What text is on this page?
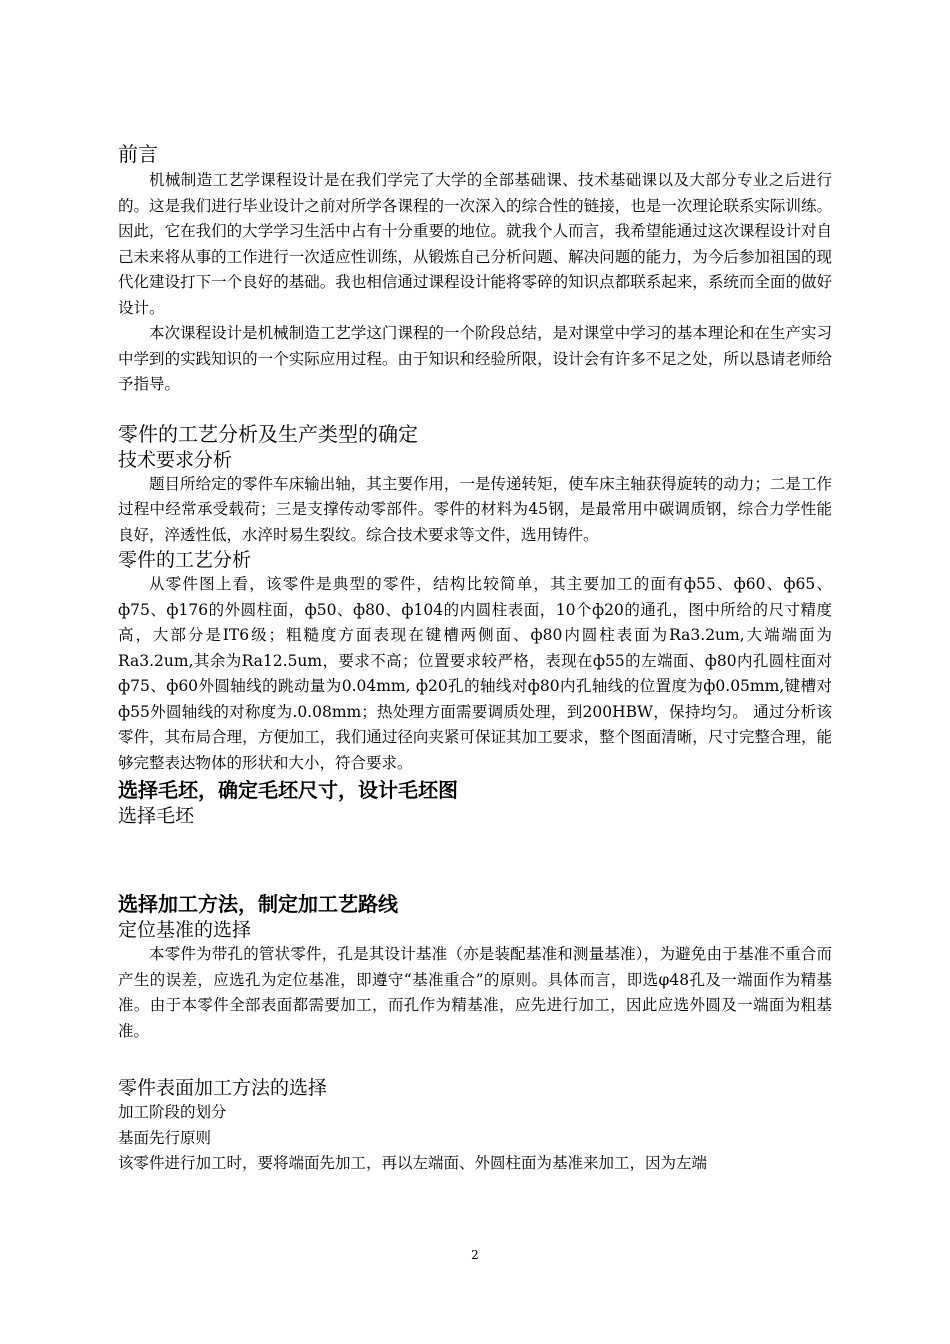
前言

机械制造工艺学课程设计是在我们学完了大学的全部基础课、技术基础课以及大部分专业之后进行的。这是我们进行毕业设计之前对所学各课程的一次深入的综合性的链接，也是一次理论联系实际训练。因此，它在我们的大学学习生活中占有十分重要的地位。就我个人而言，我希望能通过这次课程设计对自己未来将从事的工作进行一次适应性训练，从锻炼自己分析问题、解决问题的能力，为今后参加祖国的现代化建设打下一个良好的基础。我也相信通过课程设计能将零碎的知识点都联系起来，系统而全面的做好设计。

本次课程设计是机械制造工艺学这门课程的一个阶段总结，是对课堂中学习的基本理论和在生产实习中学到的实践知识的一个实际应用过程。由于知识和经验所限，设计会有许多不足之处，所以恳请老师给予指导。

零件的工艺分析及生产类型的确定
技术要求分析

题目所给定的零件车床输出轴，其主要作用，一是传递转矩，使车床主轴获得旋转的动力；二是工作过程中经常承受载荷；三是支撑传动零部件。零件的材料为45钢，是最常用中碳调质钢，综合力学性能良好，淬透性低，水淬时易生裂纹。综合技术要求等文件，选用铸件。

零件的工艺分析

从零件图上看，该零件是典型的零件，结构比较简单，其主要加工的面有ф55、ф60、ф65、ф75、ф176的外圆柱面，ф50、ф80、ф104的内圆柱表面，10个ф20的通孔，图中所给的尺寸精度高，大部分是IT6级；粗糙度方面表现在键槽两侧面、ф80内圆柱表面为Ra3.2um,大端端面为Ra3.2um,其余为Ra12.5um，要求不高；位置要求较严格，表现在ф55的左端面、ф80内孔圆柱面对ф75、ф60外圆轴线的跳动量为0.04mm, ф20孔的轴线对ф80内孔轴线的位置度为ф0.05mm,键槽对ф55外圆轴线的对称度为.0.08mm；热处理方面需要调质处理，到200HBW，保持均匀。 通过分析该零件，其布局合理，方便加工，我们通过径向夹紧可保证其加工要求，整个图面清晰，尺寸完整合理，能够完整表达物体的形状和大小，符合要求。

选择毛坯，确定毛坯尺寸，设计毛坯图
选择毛坯
选择加工方法，制定加工艺路线
定位基准的选择

本零件为带孔的管状零件，孔是其设计基准（亦是装配基准和测量基准），为避免由于基准不重合而产生的误差，应选孔为定位基准，即遵守“基准重合”的原则。具体而言，即选φ48孔及一端面作为精基准。由于本零件全部表面都需要加工，而孔作为精基准，应先进行加工，因此应选外圆及一端面为粗基准。

零件表面加工方法的选择

加工阶段的划分

基面先行原则

该零件进行加工时，要将端面先加工，再以左端面、外圆柱面为基准来加工，因为左端

2
